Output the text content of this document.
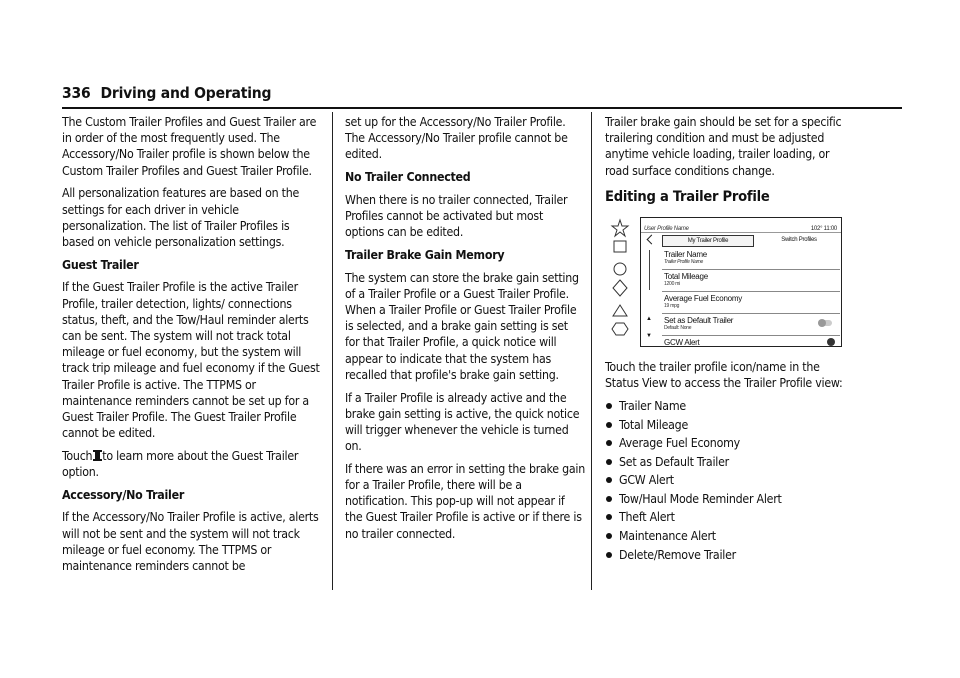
336 Driving and Operating

The Custom Trailer Profiles and Guest Trailer are in order of the most frequently used. The Accessory/No Trailer profile is shown below the Custom Trailer Profiles and Guest Trailer Profile.

All personalization features are based on the settings for each driver in vehicle personalization. The list of Trailer Profiles is based on vehicle personalization settings.

Guest Trailer

If the Guest Trailer Profile is the active Trailer Profile, trailer detection, lights/ connections status, theft, and the Tow/Haul reminder alerts can be sent. The system will not track total mileage or fuel economy, but the system will track trip mileage and fuel economy if the Guest Trailer Profile is active. The TTPMS or maintenance reminders cannot be set up for a Guest Trailer Profile. The Guest Trailer Profile cannot be edited.

Touch to learn more about the Guest Trailer option.

Accessory/No Trailer

If the Accessory/No Trailer Profile is active, alerts will not be sent and the system will not track mileage or fuel economy. The TTPMS or maintenance reminders cannot be

set up for the Accessory/No Trailer Profile. The Accessory/No Trailer profile cannot be edited.

No Trailer Connected

When there is no trailer connected, Trailer Profiles cannot be activated but most options can be edited.

Trailer Brake Gain Memory

The system can store the brake gain setting of a Trailer Profile or a Guest Trailer Profile. When a Trailer Profile or Guest Trailer Profile is selected, and a brake gain setting is set for that Trailer Profile, a quick notice will appear to indicate that the system has recalled that profile's brake gain setting.

If a Trailer Profile is already active and the brake gain setting is active, the quick notice will trigger whenever the vehicle is turned on.

If there was an error in setting the brake gain for a Trailer Profile, there will be a notification. This pop-up will not appear if the Guest Trailer Profile is active or if there is no trailer connected.

Trailer brake gain should be set for a specific trailering condition and must be adjusted anytime vehicle loading, trailer loading, or road surface conditions change.

Editing a Trailer Profile
User Profile Name	102° 11:00
My Trailer Profile	Switch Profiles
▲
▼
Trailer Name
Trailer Profile Name
Total Mileage
1200 mi
Average Fuel Economy
19 mpg
Set as Default Trailer
Default: None
GCW Alert

Touch the trailer profile icon/name in the Status View to access the Trailer Profile view:

Trailer Name
Total Mileage
Average Fuel Economy
Set as Default Trailer
GCW Alert
Tow/Haul Mode Reminder Alert
Theft Alert
Maintenance Alert
Delete/Remove Trailer
